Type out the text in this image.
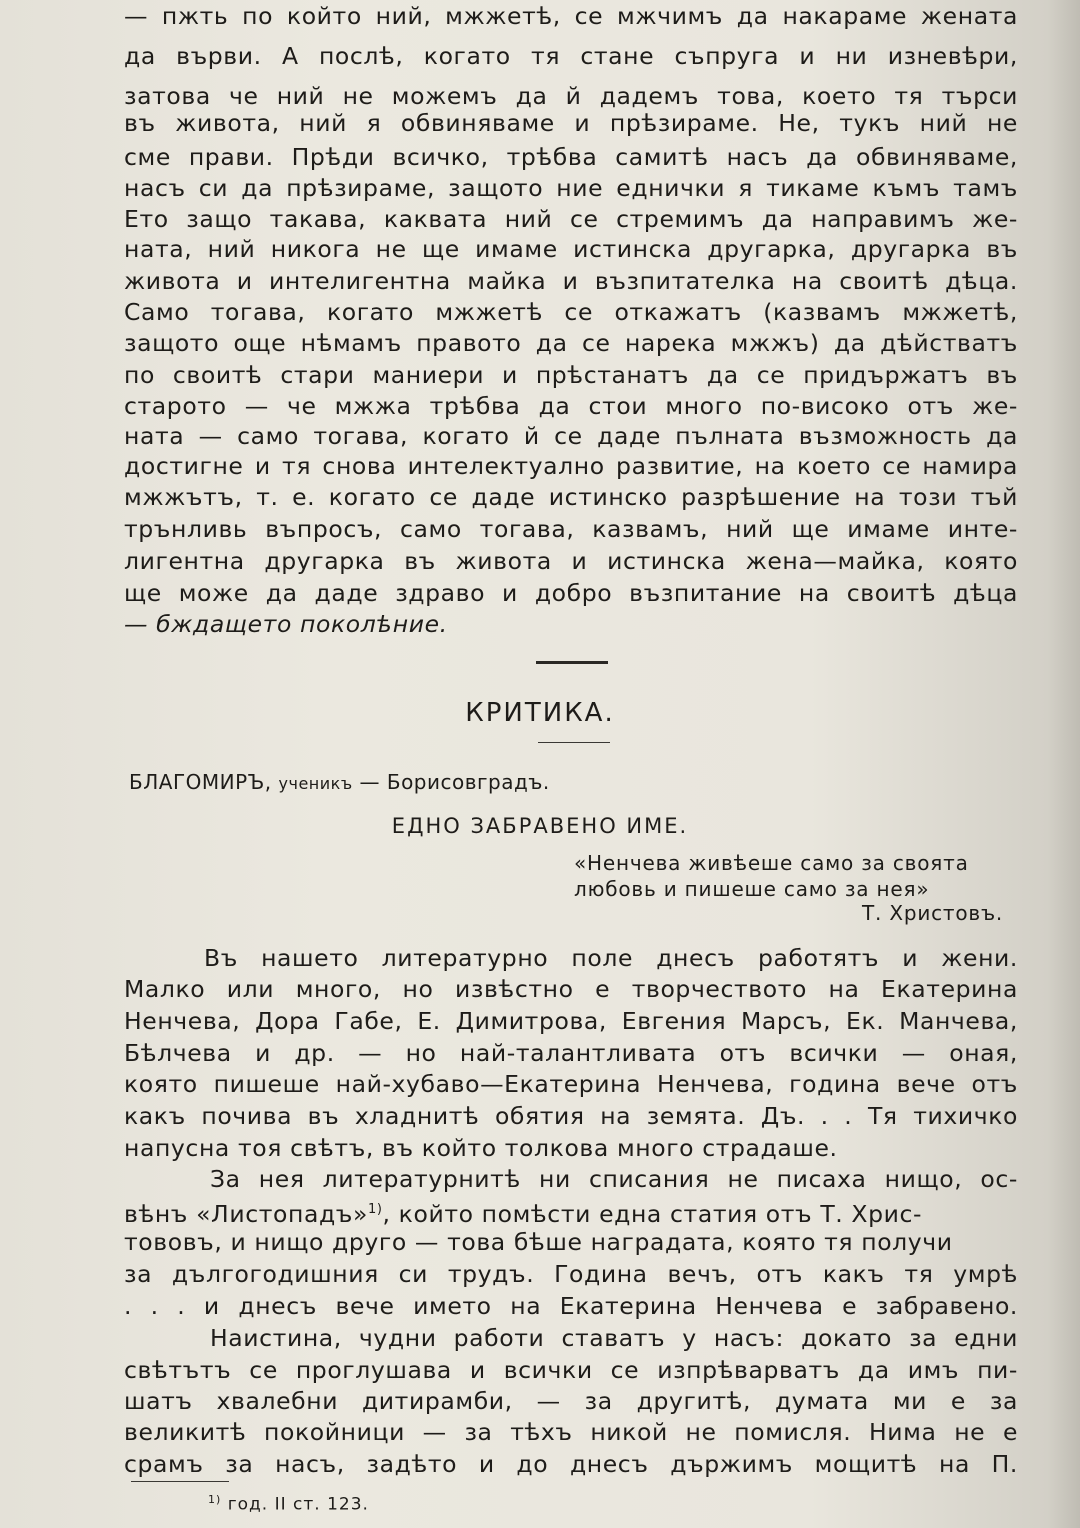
— пжть по който ний, мжжетѣ, се мжчимъ да накараме жената
да върви. А послѣ, когато тя стане съпруга и ни изневѣри,
затова че ний не можемъ да й дадемъ това, което тя търси
въ живота, ний я обвиняваме и прѣзираме. Не, тукъ ний не
сме прави. Прѣди всичко, трѣбва самитѣ насъ да обвиняваме,
насъ си да прѣзираме, защото ние еднички я тикаме къмъ тамъ
Ето защо такава, каквата ний се стремимъ да направимъ же-
ната, ний никога не ще имаме истинска другарка, другарка въ
живота и интелигентна майка и възпитателка на своитѣ дѣца.
Само тогава, когато мжжетѣ се откажатъ (казвамъ мжжетѣ,
защото още нѣмамъ правото да се нарека мжжъ) да дѣйстватъ
по своитѣ стари маниери и прѣстанатъ да се придържатъ въ
старото — че мжжа трѣбва да стои много по-високо отъ же-
ната — само тогава, когато й се даде пълната възможность да
достигне и тя снова интелектуално развитие, на което се намира
мжжътъ, т. е. когато се даде истинско разрѣшение на този тъй
трънливь въпросъ, само тогава, казвамъ, ний ще имаме инте-
лигентна другарка въ живота и истинска жена—майка, която
ще може да даде здраво и добро възпитание на своитѣ дѣца
— бждащето поколѣние.
КРИТИКА.
БЛАГОМИРЪ, ученикъ — Борисовградъ.
ЕДНО ЗАБРАВЕНО ИМЕ.
«Ненчева живѣеше само за своята
любовь и пишеше само за нея»
Т. Христовъ.
Въ нашето литературно поле днесъ работятъ и жени.
Малко или много, но извѣстно е творчеството на Екатерина
Ненчева, Дора Габе, Е. Димитрова, Евгения Марсъ, Ек. Манчева,
Бѣлчева и др. — но най-талантливата отъ всички — оная,
която пишеше най-хубаво—Екатерина Ненчева, година вече отъ
какъ почива въ хладнитѣ обятия на земята. Дъ. . . Тя тихичко
напусна тоя свѣтъ, въ който толкова много страдаше.
За нея литературнитѣ ни списания не писаха нищо, ос-
вѣнъ «Листопадъ»$^{1)}$, който помѣсти една статия отъ Т. Хрис-
тововъ, и нищо друго — това бѣше наградата, която тя получи
за дългогодишния си трудъ. Година вечъ, отъ какъ тя умрѣ
. . . и днесъ вече името на Екатерина Ненчева е забравено.
Наистина, чудни работи ставатъ у насъ: докато за едни
свѣтътъ се проглушава и всички се изпрѣварватъ да имъ пи-
шатъ хвалебни дитирамби, — за другитѣ, думата ми е за
великитѣ покойници — за тѣхъ никой не помисля. Нима не е
срамъ за насъ, задѣто и до днесъ държимъ мощитѣ на П.
$^{1)}$ год. II ст. 123.
